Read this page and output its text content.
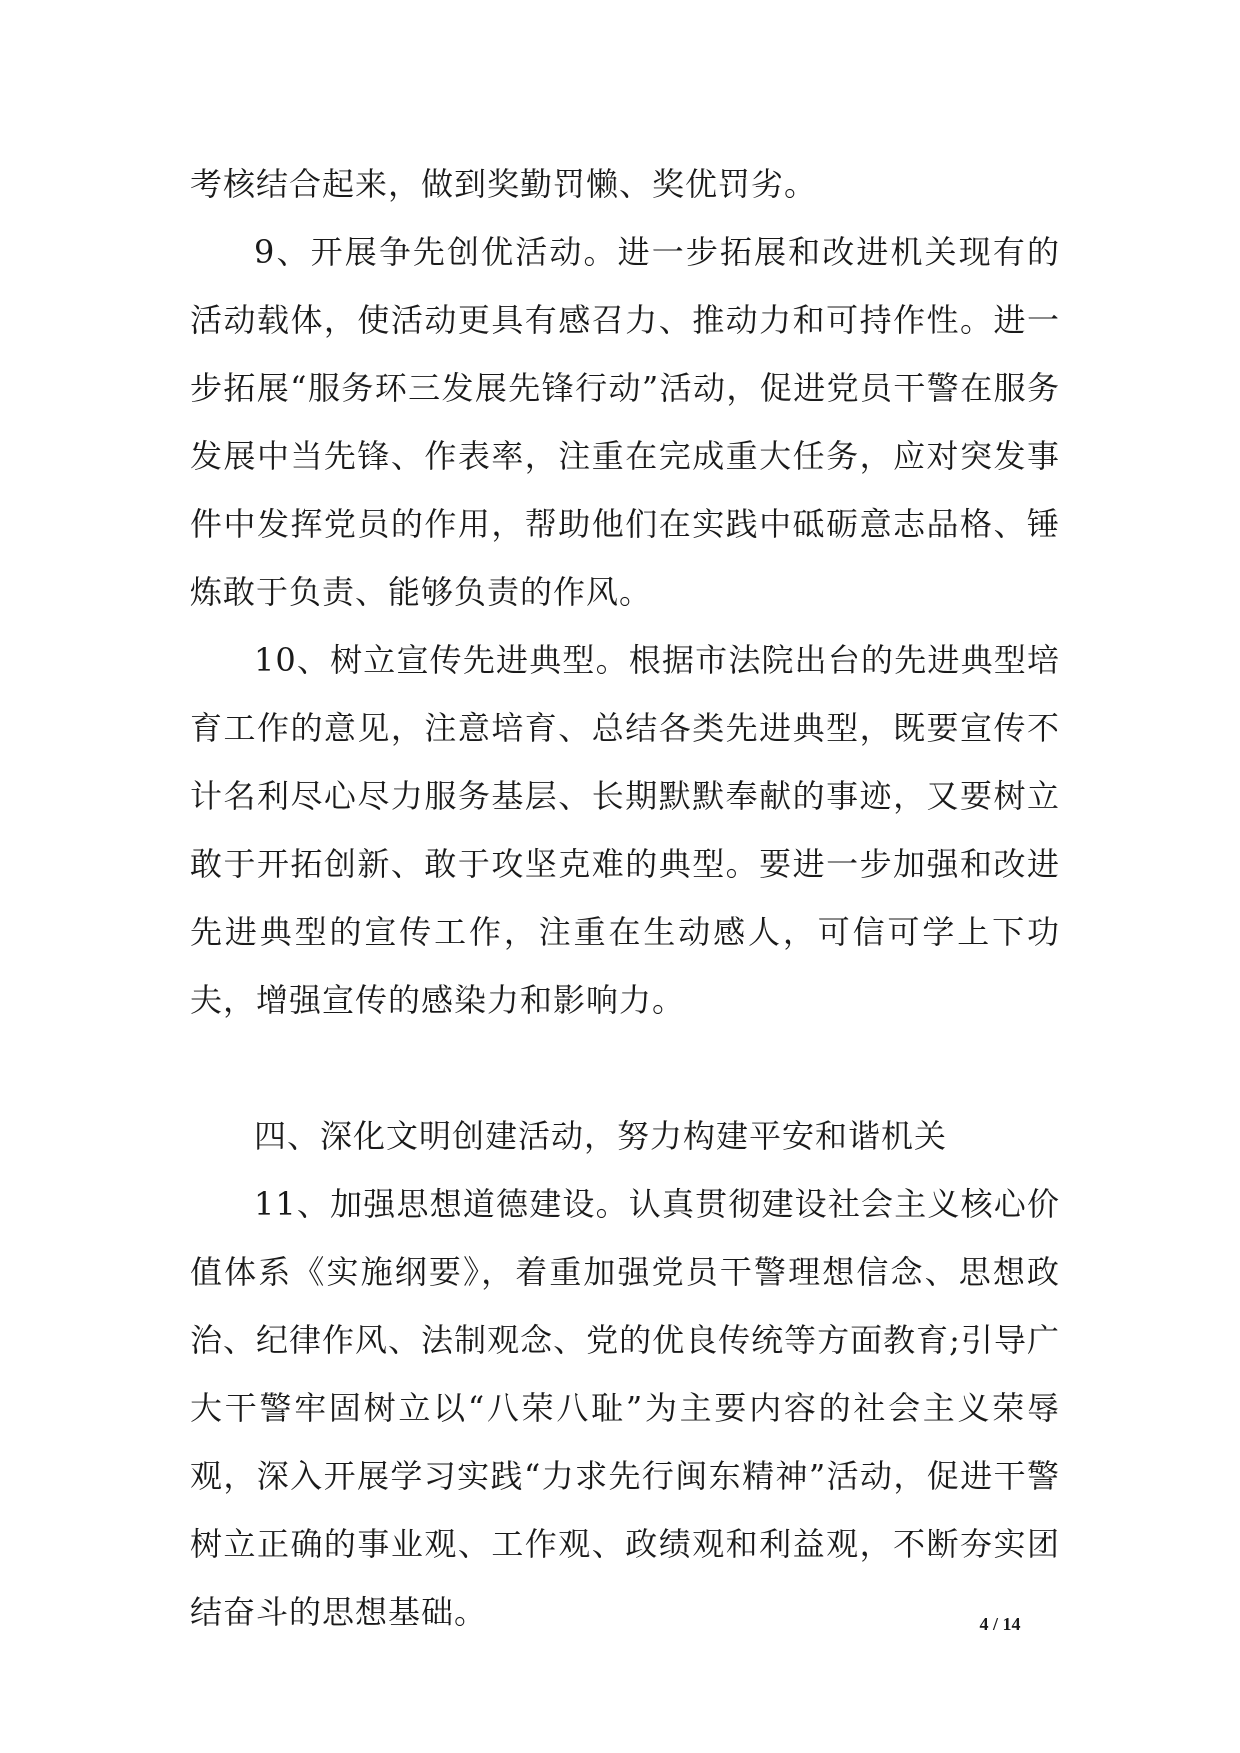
考核结合起来，做到奖勤罚懒、奖优罚劣。

9、开展争先创优活动。进一步拓展和改进机关现有的活动载体，使活动更具有感召力、推动力和可持作性。进一步拓展“服务环三发展先锋行动”活动，促进党员干警在服务发展中当先锋、作表率，注重在完成重大任务，应对突发事件中发挥党员的作用，帮助他们在实践中砥砺意志品格、锤炼敢于负责、能够负责的作风。

10、树立宣传先进典型。根据市法院出台的先进典型培育工作的意见，注意培育、总结各类先进典型，既要宣传不计名利尽心尽力服务基层、长期默默奉献的事迹，又要树立敢于开拓创新、敢于攻坚克难的典型。要进一步加强和改进先进典型的宣传工作，注重在生动感人，可信可学上下功夫，增强宣传的感染力和影响力。

四、深化文明创建活动，努力构建平安和谐机关

11、加强思想道德建设。认真贯彻建设社会主义核心价值体系《实施纲要》，着重加强党员干警理想信念、思想政治、纪律作风、法制观念、党的优良传统等方面教育;引导广大干警牢固树立以“八荣八耻”为主要内容的社会主义荣辱观，深入开展学习实践“力求先行闽东精神”活动，促进干警树立正确的事业观、工作观、政绩观和利益观，不断夯实团结奋斗的思想基础。	4 / 14
